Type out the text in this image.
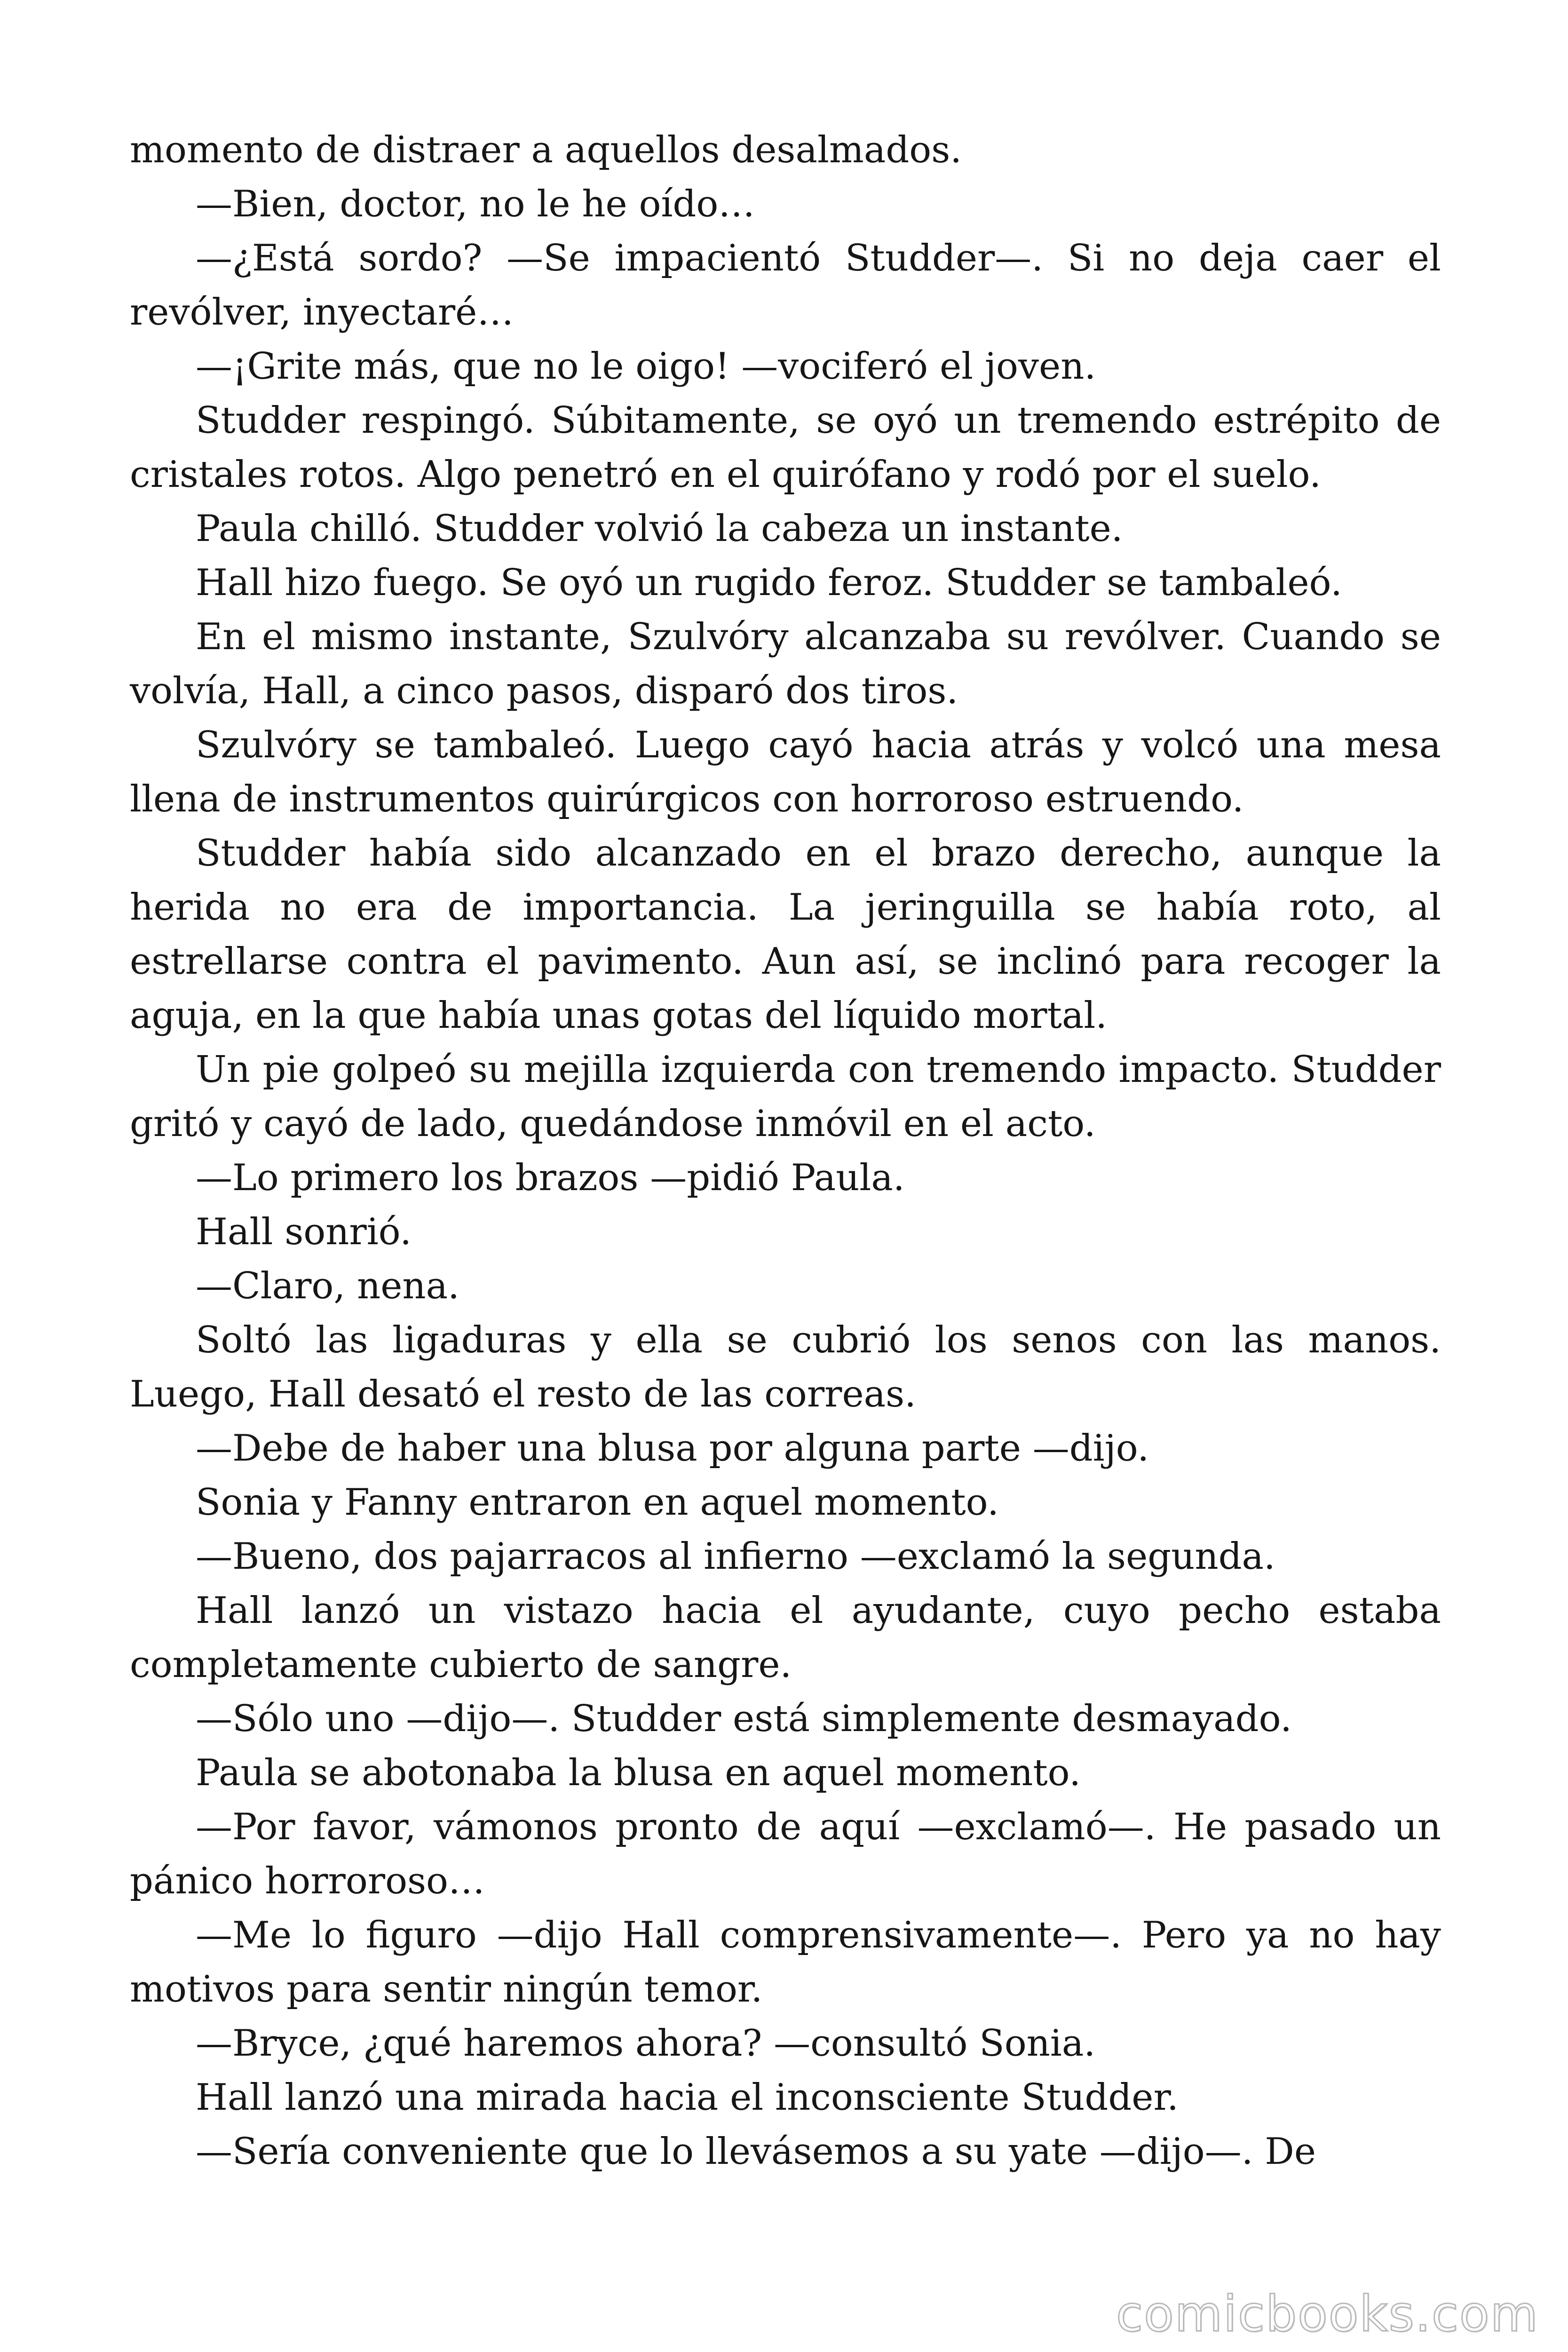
momento de distraer a aquellos desalmados.

—Bien, doctor, no le he oído…

—¿Está sordo? —Se impacientó Studder—. Si no deja caer el revólver, inyectaré…

—¡Grite más, que no le oigo! —vociferó el joven.

Studder respingó. Súbitamente, se oyó un tremendo estrépito de cristales rotos. Algo penetró en el quirófano y rodó por el suelo.

Paula chilló. Studder volvió la cabeza un instante.

Hall hizo fuego. Se oyó un rugido feroz. Studder se tambaleó.

En el mismo instante, Szulvóry alcanzaba su revólver. Cuando se volvía, Hall, a cinco pasos, disparó dos tiros.

Szulvóry se tambaleó. Luego cayó hacia atrás y volcó una mesa llena de instrumentos quirúrgicos con horroroso estruendo.

Studder había sido alcanzado en el brazo derecho, aunque la herida no era de importancia. La jeringuilla se había roto, al estrellarse contra el pavimento. Aun así, se inclinó para recoger la aguja, en la que había unas gotas del líquido mortal.

Un pie golpeó su mejilla izquierda con tremendo impacto. Studder gritó y cayó de lado, quedándose inmóvil en el acto.

—Lo primero los brazos —pidió Paula.

Hall sonrió.

—Claro, nena.

Soltó las ligaduras y ella se cubrió los senos con las manos. Luego, Hall desató el resto de las correas.

—Debe de haber una blusa por alguna parte —dijo.

Sonia y Fanny entraron en aquel momento.

—Bueno, dos pajarracos al infierno —exclamó la segunda.

Hall lanzó un vistazo hacia el ayudante, cuyo pecho estaba completamente cubierto de sangre.

—Sólo uno —dijo—. Studder está simplemente desmayado.

Paula se abotonaba la blusa en aquel momento.

—Por favor, vámonos pronto de aquí —exclamó—. He pasado un pánico horroroso…

—Me lo figuro —dijo Hall comprensivamente—. Pero ya no hay motivos para sentir ningún temor.

—Bryce, ¿qué haremos ahora? —consultó Sonia.

Hall lanzó una mirada hacia el inconsciente Studder.

—Sería conveniente que lo llevásemos a su yate —dijo—. De

comicbooks.com
